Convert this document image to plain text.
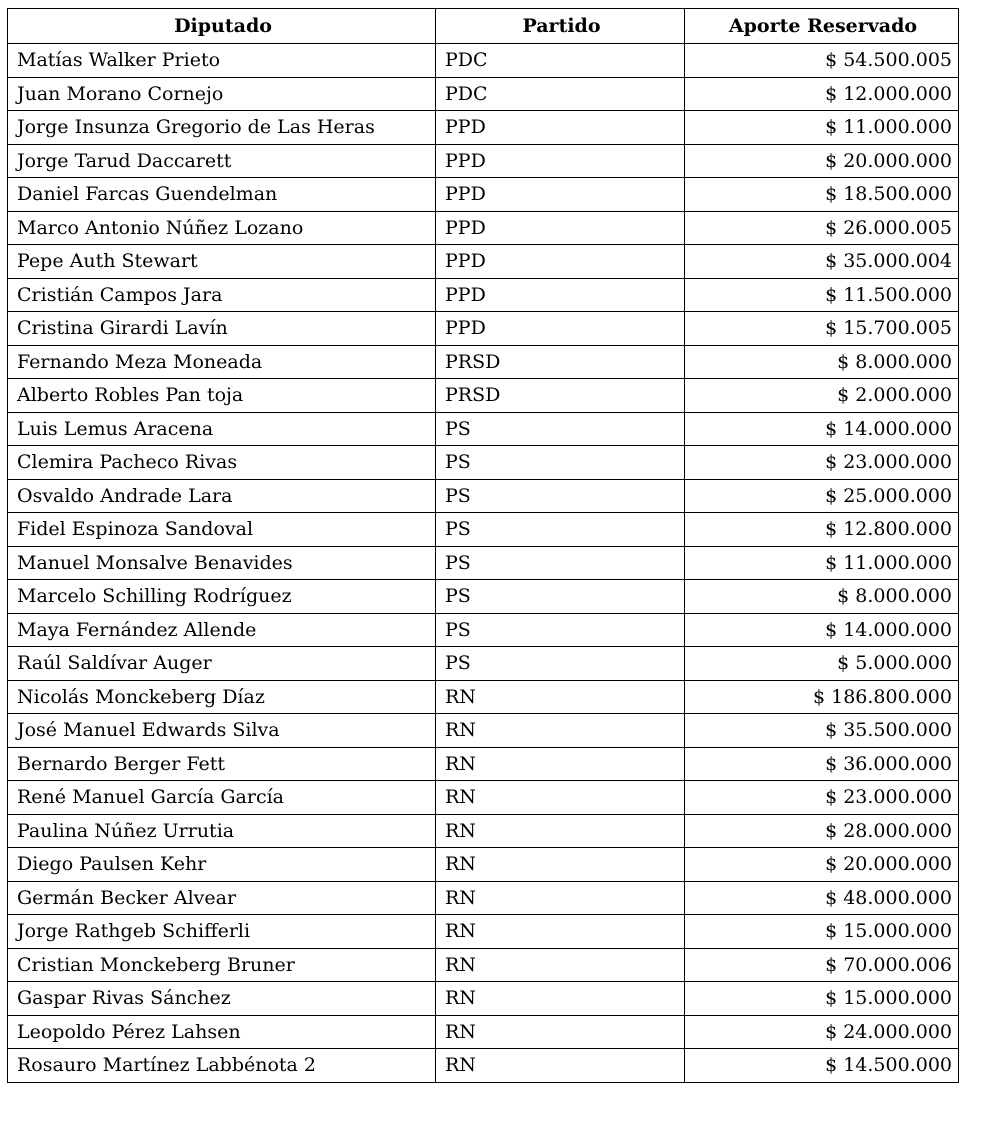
Diputado	Partido	Aporte Reservado
Matías Walker Prieto	PDC	$ 54.500.005
Juan Morano Cornejo	PDC	$ 12.000.000
Jorge Insunza Gregorio de Las Heras	PPD	$ 11.000.000
Jorge Tarud Daccarett	PPD	$ 20.000.000
Daniel Farcas Guendelman	PPD	$ 18.500.000
Marco Antonio Núñez Lozano	PPD	$ 26.000.005
Pepe Auth Stewart	PPD	$ 35.000.004
Cristián Campos Jara	PPD	$ 11.500.000
Cristina Girardi Lavín	PPD	$ 15.700.005
Fernando Meza Moneada	PRSD	$ 8.000.000
Alberto Robles Pan toja	PRSD	$ 2.000.000
Luis Lemus Aracena	PS	$ 14.000.000
Clemira Pacheco Rivas	PS	$ 23.000.000
Osvaldo Andrade Lara	PS	$ 25.000.000
Fidel Espinoza Sandoval	PS	$ 12.800.000
Manuel Monsalve Benavides	PS	$ 11.000.000
Marcelo Schilling Rodríguez	PS	$ 8.000.000
Maya Fernández Allende	PS	$ 14.000.000
Raúl Saldívar Auger	PS	$ 5.000.000
Nicolás Monckeberg Díaz	RN	$ 186.800.000
José Manuel Edwards Silva	RN	$ 35.500.000
Bernardo Berger Fett	RN	$ 36.000.000
René Manuel García García	RN	$ 23.000.000
Paulina Núñez Urrutia	RN	$ 28.000.000
Diego Paulsen Kehr	RN	$ 20.000.000
Germán Becker Alvear	RN	$ 48.000.000
Jorge Rathgeb Schifferli	RN	$ 15.000.000
Cristian Monckeberg Bruner	RN	$ 70.000.006
Gaspar Rivas Sánchez	RN	$ 15.000.000
Leopoldo Pérez Lahsen	RN	$ 24.000.000
Rosauro Martínez Labbénota 2	RN	$ 14.500.000
